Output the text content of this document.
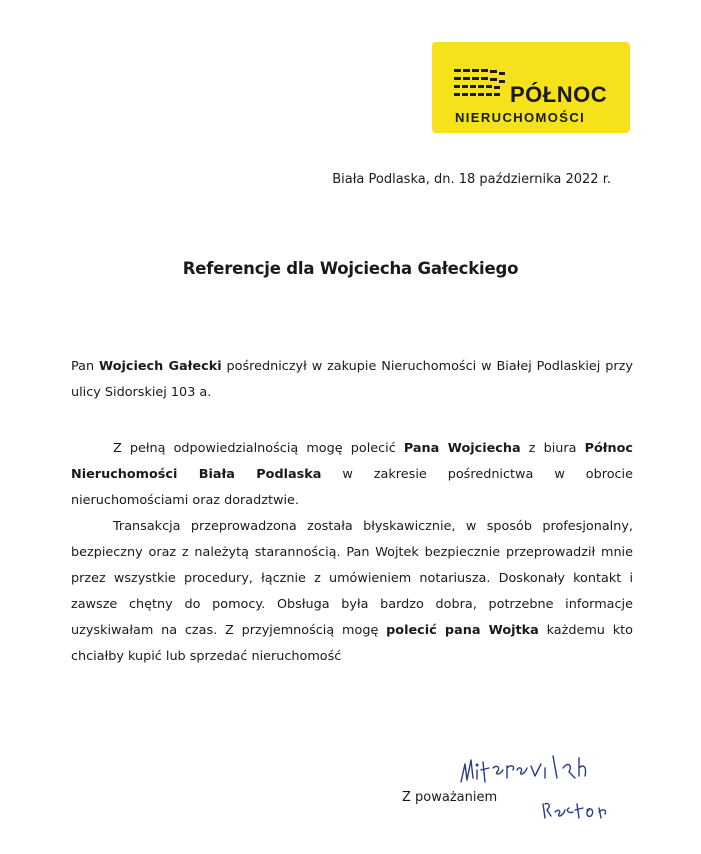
PÓŁNOC
NIERUCHOMOŚCI
Biała Podlaska, dn. 18 października 2022 r.
Referencje dla Wojciecha Gałeckiego
Pan Wojciech Gałecki pośredniczył w zakupie Nieruchomości w Białej Podlaskiej przy ulicy Sidorskiej 103 a.
Z pełną odpowiedzialnością mogę polecić Pana Wojciecha z biura Północ Nieruchomości Biała Podlaska w zakresie pośrednictwa w obrocie nieruchomościami oraz doradztwie.
Transakcja przeprowadzona została błyskawicznie, w sposób profesjonalny, bezpieczny oraz z należytą starannością. Pan Wojtek bezpiecznie przeprowadził mnie przez wszystkie procedury, łącznie z umówieniem notariusza. Doskonały kontakt i zawsze chętny do pomocy. Obsługa była bardzo dobra, potrzebne informacje uzyskiwałam na czas. Z przyjemnością mogę polecić pana Wojtka każdemu kto chciałby kupić lub sprzedać nieruchomość
Z poważaniem
